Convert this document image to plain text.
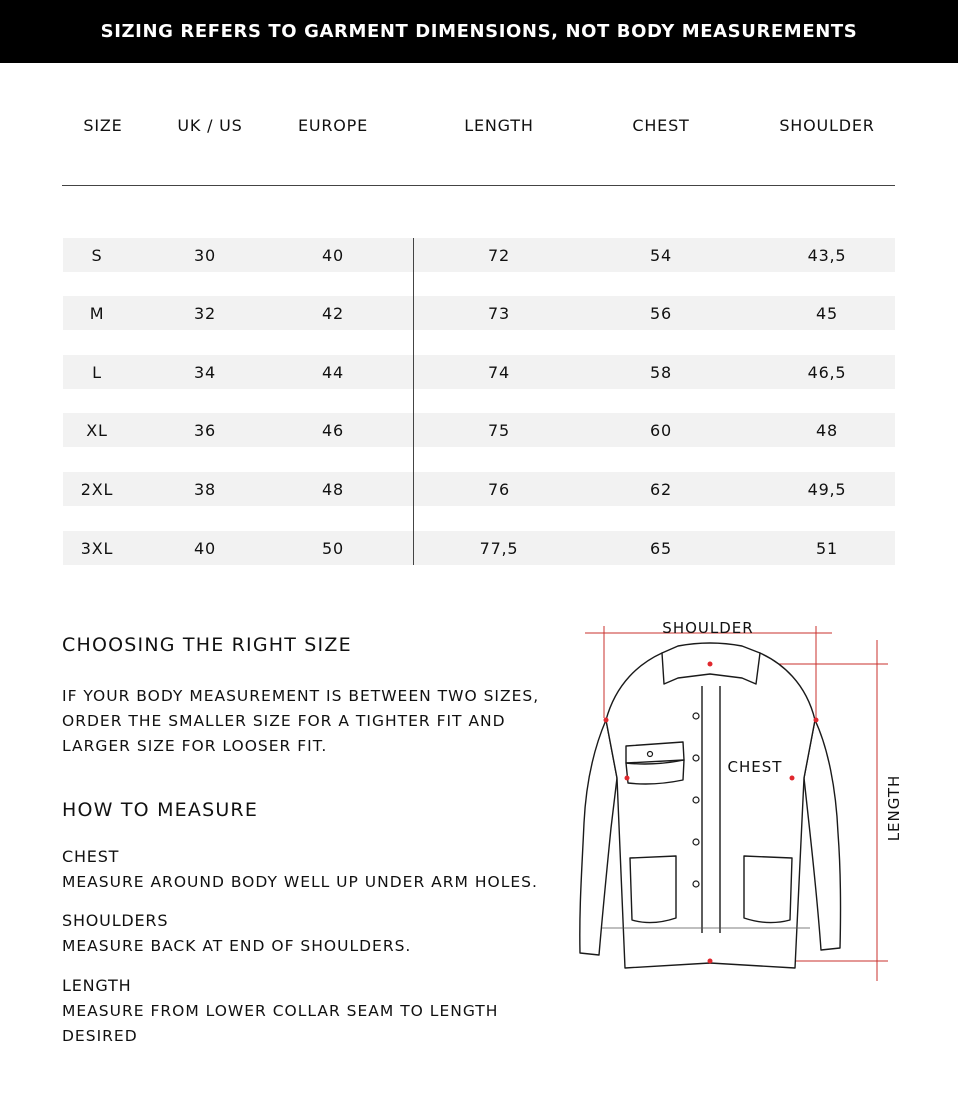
SIZING REFERS TO GARMENT DIMENSIONS, NOT BODY MEASUREMENTS
SIZE	UK / US	EUROPE	LENGTH	CHEST	SHOULDER
S	30	40	72	54	43,5
M	32	42	73	56	45
L	34	44	74	58	46,5
XL	36	46	75	60	48
2XL	38	48	76	62	49,5
3XL	40	50	77,5	65	51
CHOOSING THE RIGHT SIZE
IF YOUR BODY MEASUREMENT IS BETWEEN TWO SIZES,
ORDER THE SMALLER SIZE FOR A TIGHTER FIT AND
LARGER SIZE FOR LOOSER FIT.
HOW TO MEASURE
CHEST
MEASURE AROUND BODY WELL UP UNDER ARM HOLES.
SHOULDERS
MEASURE BACK AT END OF SHOULDERS.
LENGTH
MEASURE FROM LOWER COLLAR SEAM TO LENGTH
DESIRED
SHOULDER
CHEST
LENGTH
